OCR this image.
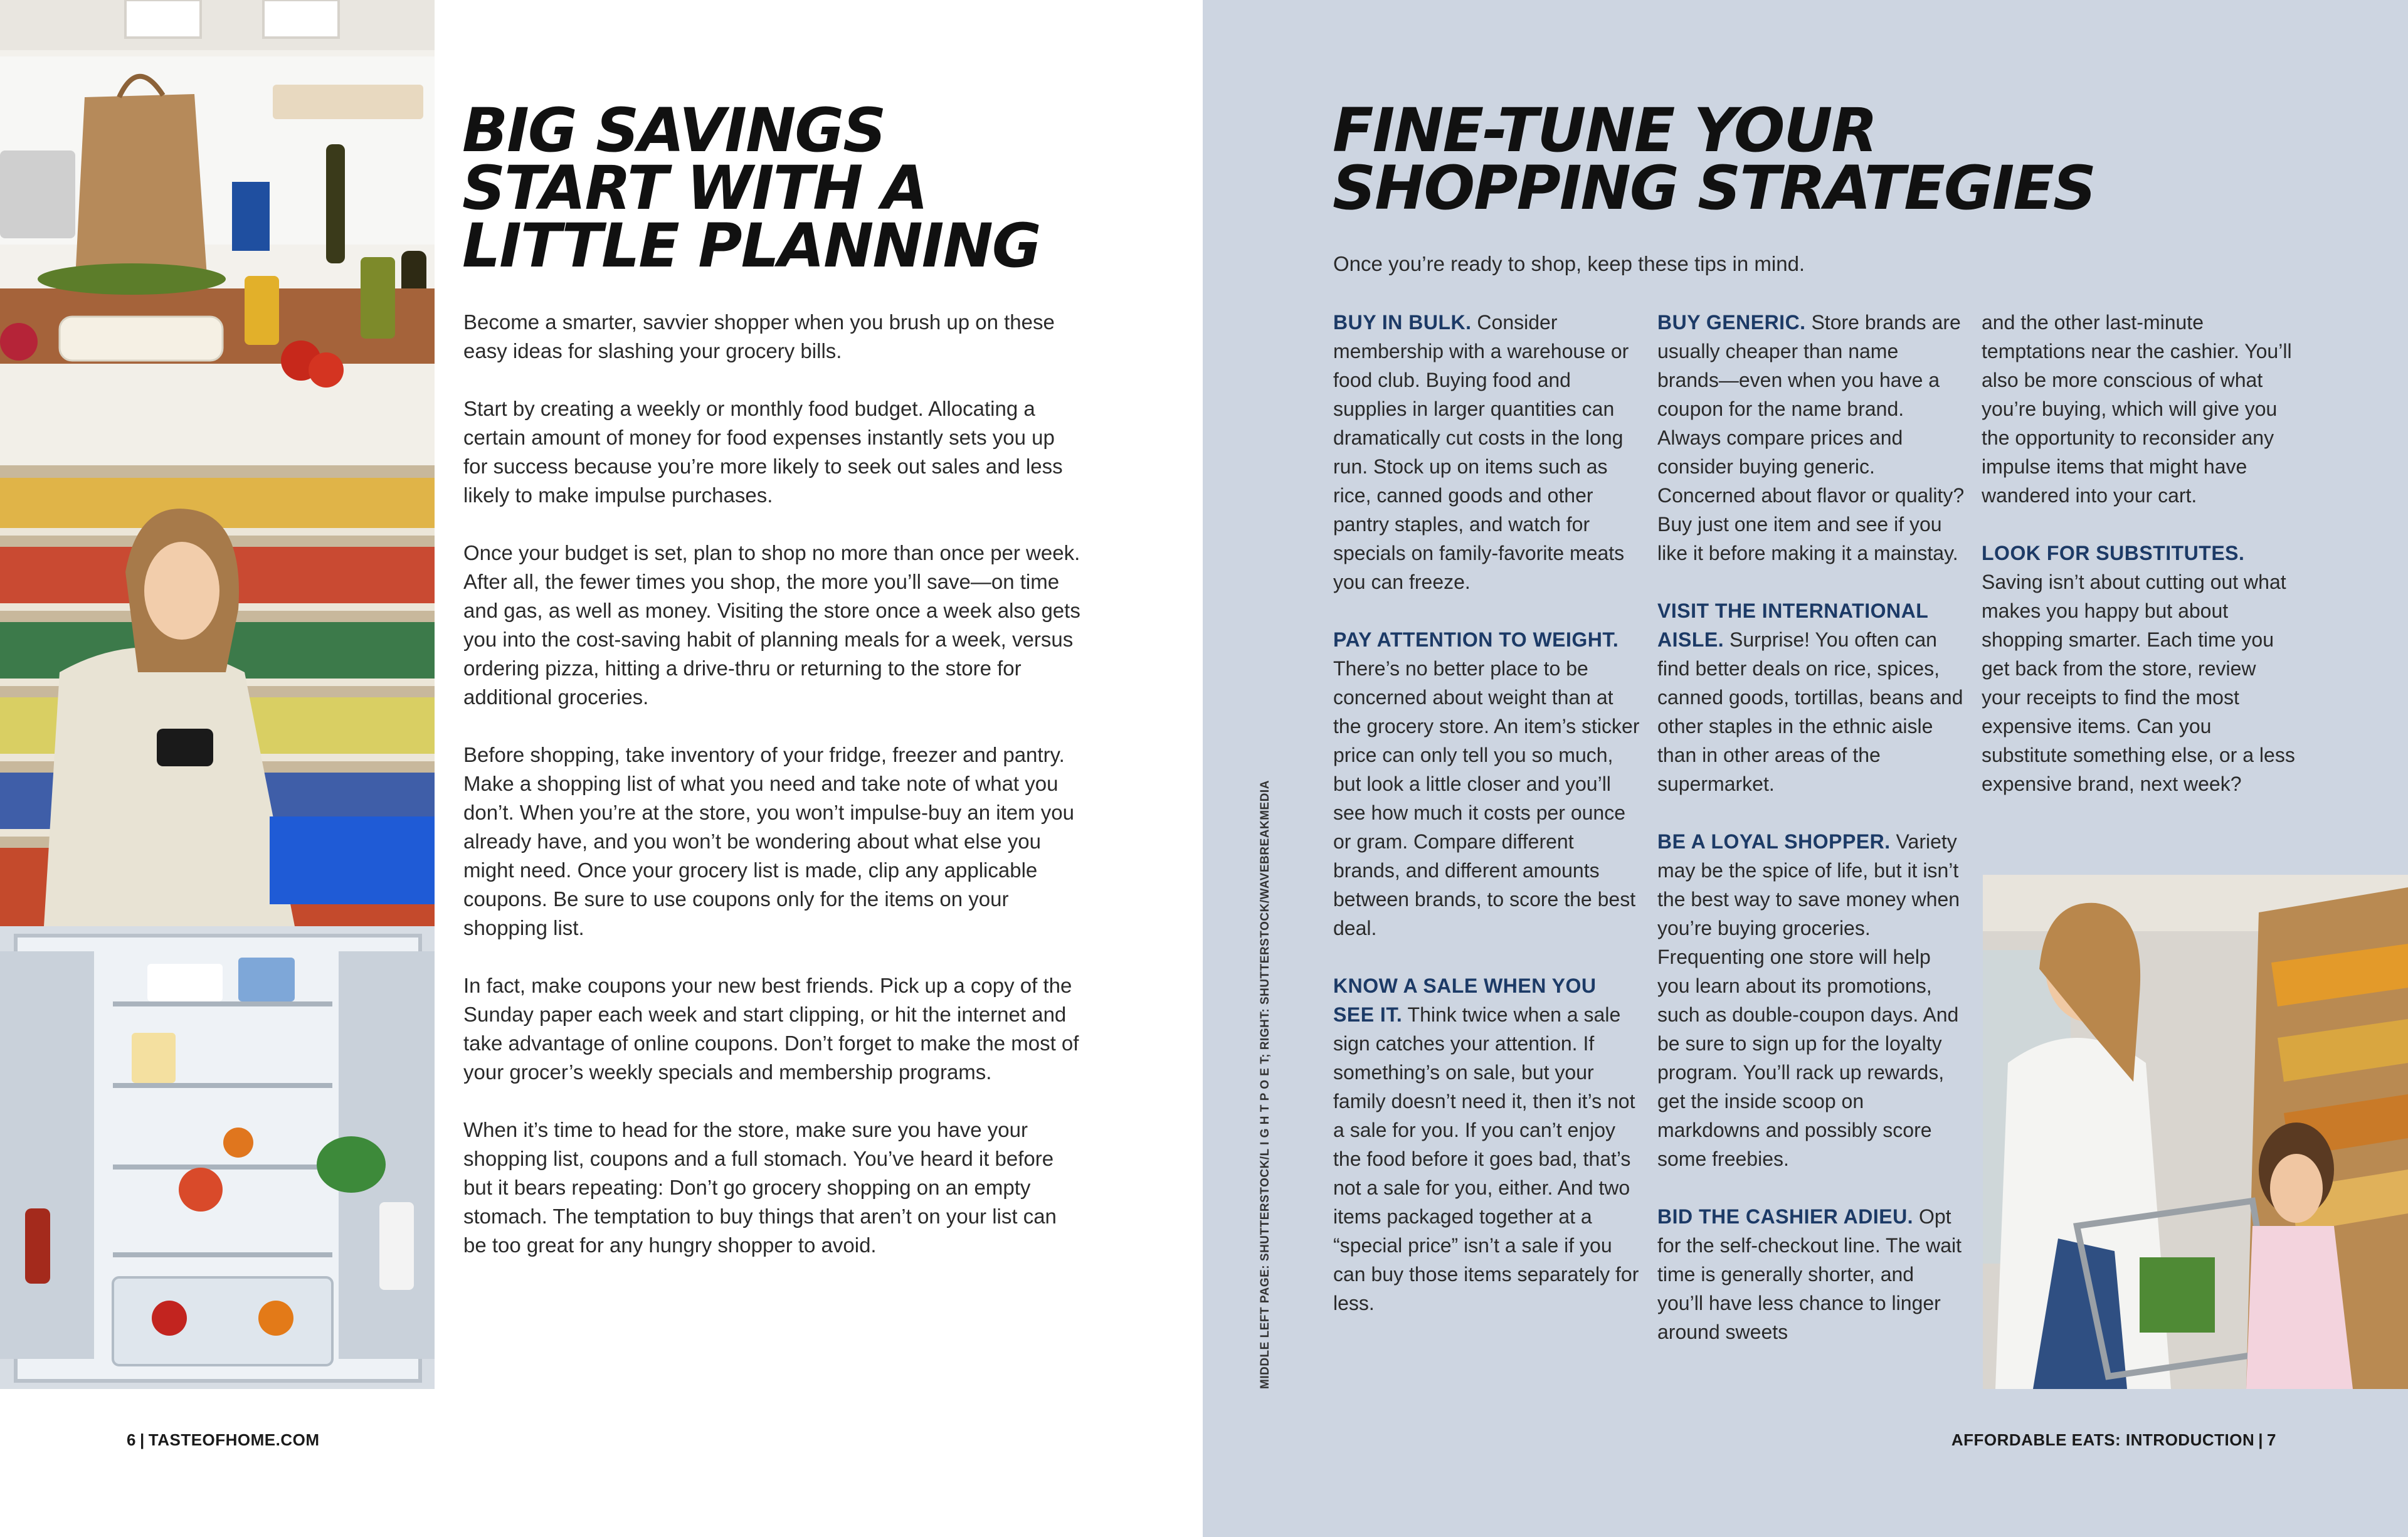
BIG SAVINGS
START WITH A
LITTLE PLANNING

Become a smarter, savvier shopper when you brush up on these easy ideas for slashing your grocery bills.

Start by creating a weekly or monthly food budget. Allocating a certain amount of money for food expenses instantly sets you up for success because you’re more likely to seek out sales and less likely to make impulse purchases.

Once your budget is set, plan to shop no more than once per week. After all, the fewer times you shop, the more you’ll save—on time and gas, as well as money. Visiting the store once a week also gets you into the cost-saving habit of planning meals for a week, versus ordering pizza, hitting a drive-thru or returning to the store for additional groceries.

Before shopping, take inventory of your fridge, freezer and pantry. Make a shopping list of what you need and take note of what you don’t. When you’re at the store, you won’t impulse-buy an item you already have, and you won’t be wondering about what else you might need. Once your grocery list is made, clip any applicable coupons. Be sure to use coupons only for the items on your shopping list.

In fact, make coupons your new best friends. Pick up a copy of the Sunday paper each week and start clipping, or hit the internet and take advantage of online coupons. Don’t forget to make the most of your grocer’s weekly specials and membership programs.

When it’s time to head for the store, make sure you have your shopping list, coupons and a full stomach. You’ve heard it before but it bears repeating: Don’t go grocery shopping on an empty stomach. The temptation to buy things that aren’t on your list can be too great for any hungry shopper to avoid.

6 | TASTEOFHOME.COM
FINE-TUNE YOUR
SHOPPING STRATEGIES

Once you’re ready to shop, keep these tips in mind.

BUY IN BULK. Consider membership with a warehouse or food club. Buying food and supplies in larger quantities can dramatically cut costs in the long run. Stock up on items such as rice, canned goods and other pantry staples, and watch for specials on family-favorite meats you can freeze.

PAY ATTENTION TO WEIGHT. There’s no better place to be concerned about weight than at the grocery store. An item’s sticker price can only tell you so much, but look a little closer and you’ll see how much it costs per ounce or gram. Compare different brands, and different amounts between brands, to score the best deal.

KNOW A SALE WHEN YOU SEE IT. Think twice when a sale sign catches your attention. If something’s on sale, but your family doesn’t need it, then it’s not a sale for you. If you can’t enjoy the food before it goes bad, that’s not a sale for you, either. And two items packaged together at a “special price” isn’t a sale if you can buy those items separately for less.

BUY GENERIC. Store brands are usually cheaper than name brands—even when you have a coupon for the name brand. Always compare prices and consider buying generic. Concerned about flavor or quality? Buy just one item and see if you like it before making it a mainstay.

VISIT THE INTERNATIONAL AISLE. Surprise! You often can find better deals on rice, spices, canned goods, tortillas, beans and other staples in the ethnic aisle than in other areas of the supermarket.

BE A LOYAL SHOPPER. Variety may be the spice of life, but it isn’t the best way to save money when you’re buying groceries. Frequenting one store will help you learn about its promotions, such as double-coupon days. And be sure to sign up for the loyalty program. You’ll rack up rewards, get the inside scoop on markdowns and possibly score some freebies.

BID THE CASHIER ADIEU. Opt for the self-checkout line. The wait time is generally shorter, and you’ll have less chance to linger around sweets

and the other last-minute temptations near the cashier. You’ll also be more conscious of what you’re buying, which will give you the opportunity to reconsider any impulse items that might have wandered into your cart.

LOOK FOR SUBSTITUTES. Saving isn’t about cutting out what makes you happy but about shopping smarter. Each time you get back from the store, review your receipts to find the most expensive items. Can you substitute something else, or a less expensive brand, next week?

MIDDLE LEFT PAGE: SHUTTERSTOCK/L I G H T P O E T; RIGHT: SHUTTERSTOCK/WAVEBREAKMEDIA
AFFORDABLE EATS: INTRODUCTION | 7
